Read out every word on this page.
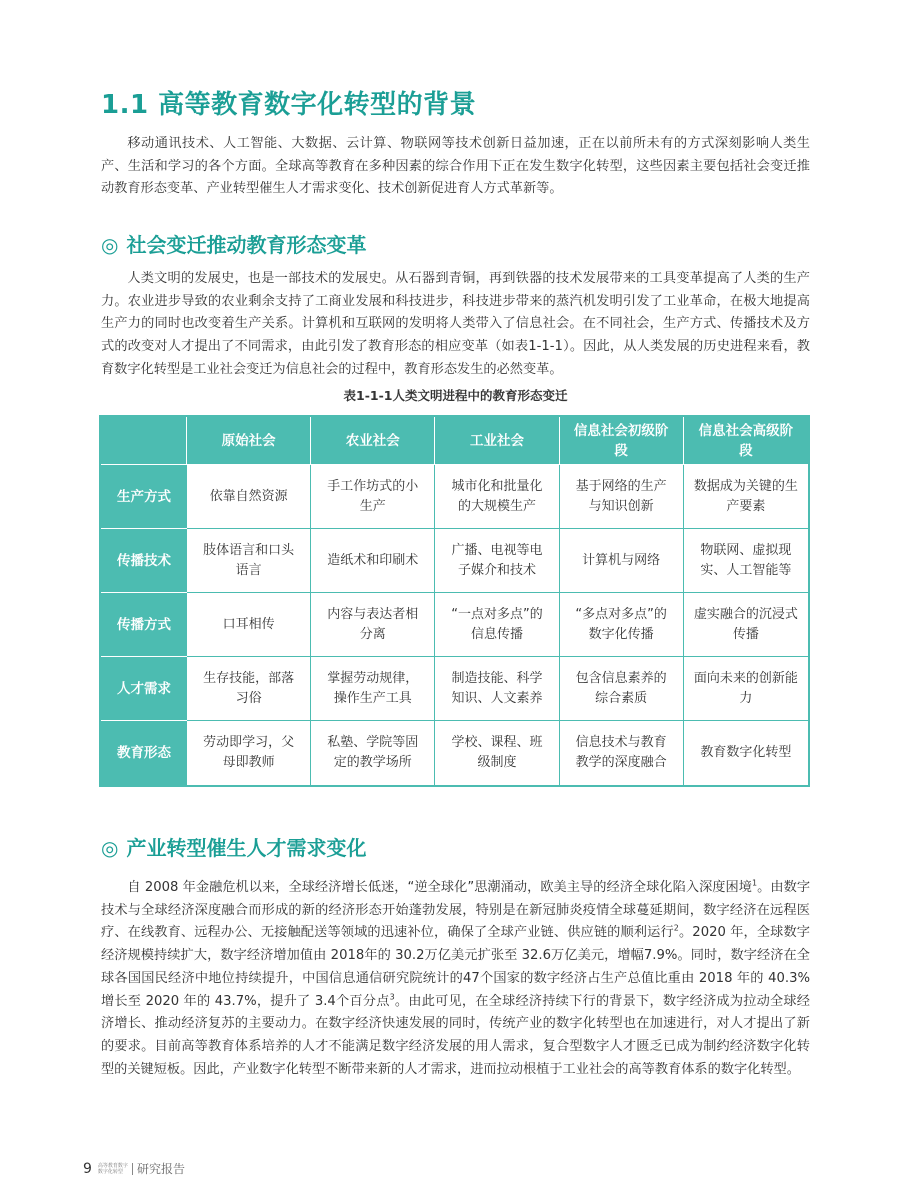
1.1 高等教育数字化转型的背景

移动通讯技术、人工智能、大数据、云计算、物联网等技术创新日益加速，正在以前所未有的方式深刻影响人类生产、生活和学习的各个方面。全球高等教育在多种因素的综合作用下正在发生数字化转型，这些因素主要包括社会变迁推动教育形态变革、产业转型催生人才需求变化、技术创新促进育人方式革新等。

◎ 社会变迁推动教育形态变革

人类文明的发展史，也是一部技术的发展史。从石器到青铜，再到铁器的技术发展带来的工具变革提高了人类的生产力。农业进步导致的农业剩余支持了工商业发展和科技进步，科技进步带来的蒸汽机发明引发了工业革命，在极大地提高生产力的同时也改变着生产关系。计算机和互联网的发明将人类带入了信息社会。在不同社会，生产方式、传播技术及方式的改变对人才提出了不同需求，由此引发了教育形态的相应变革（如表1-1-1）。因此，从人类发展的历史进程来看，教育数字化转型是工业社会变迁为信息社会的过程中，教育形态发生的必然变革。

表1-1-1人类文明进程中的教育形态变迁
	原始社会	农业社会	工业社会	信息社会初级阶段	信息社会高级阶段
生产方式	依靠自然资源	手工作坊式的小生产	城市化和批量化的大规模生产	基于网络的生产与知识创新	数据成为关键的生产要素
传播技术	肢体语言和口头语言	造纸术和印刷术	广播、电视等电子媒介和技术	计算机与网络	物联网、虚拟现实、人工智能等
传播方式	口耳相传	内容与表达者相分离	“一点对多点”的信息传播	“多点对多点”的数字化传播	虚实融合的沉浸式传播
人才需求	生存技能，部落习俗	掌握劳动规律，操作生产工具	制造技能、科学知识、人文素养	包含信息素养的综合素质	面向未来的创新能力
教育形态	劳动即学习，父母即教师	私塾、学院等固定的教学场所	学校、课程、班级制度	信息技术与教育教学的深度融合	教育数字化转型
◎ 产业转型催生人才需求变化

自 2008 年金融危机以来，全球经济增长低迷，“逆全球化”思潮涌动，欧美主导的经济全球化陷入深度困境$^1$。由数字技术与全球经济深度融合而形成的新的经济形态开始蓬勃发展，特别是在新冠肺炎疫情全球蔓延期间，数字经济在远程医疗、在线教育、远程办公、无接触配送等领域的迅速补位，确保了全球产业链、供应链的顺利运行$^2$。2020 年，全球数字经济规模持续扩大，数字经济增加值由 2018年的 30.2万亿美元扩张至 32.6万亿美元，增幅7.9%。同时，数字经济在全球各国国民经济中地位持续提升，中国信息通信研究院统计的47个国家的数字经济占生产总值比重由 2018 年的 40.3% 增长至 2020 年的 43.7%，提升了 3.4个百分点$^3$。由此可见，在全球经济持续下行的背景下，数字经济成为拉动全球经济增长、推动经济复苏的主要动力。在数字经济快速发展的同时，传统产业的数字化转型也在加速进行，对人才提出了新的要求。目前高等教育体系培养的人才不能满足数字经济发展的用人需求，复合型数字人才匮乏已成为制约经济数字化转型的关键短板。因此，产业数字化转型不断带来新的人才需求，进而拉动根植于工业社会的高等教育体系的数字化转型。

9 高等教育数字
数字化转型	研究报告
